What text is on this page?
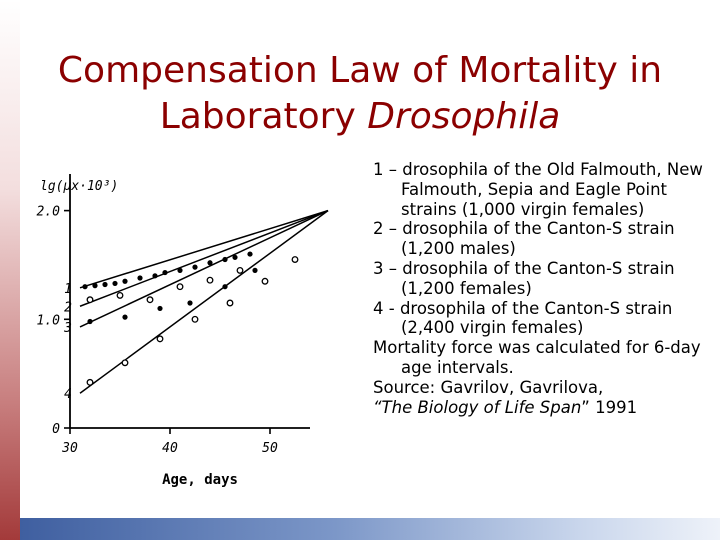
Compensation Law of Mortality in
Laboratory Drosophila
0
1.0
2.0
30	40	50
lg(μx·10³)
Age, days
1
2
3
4

1 – drosophila of the Old Falmouth, New Falmouth, Sepia and Eagle Point strains (1,000 virgin females)

2 – drosophila of the Canton-S strain (1,200 males)

3 – drosophila of the Canton-S strain (1,200 females)

4 - drosophila of the Canton-S strain (2,400 virgin females)

Mortality force was calculated for 6-day age intervals.

Source: Gavrilov, Gavrilova,

“The Biology of Life Span” 1991
